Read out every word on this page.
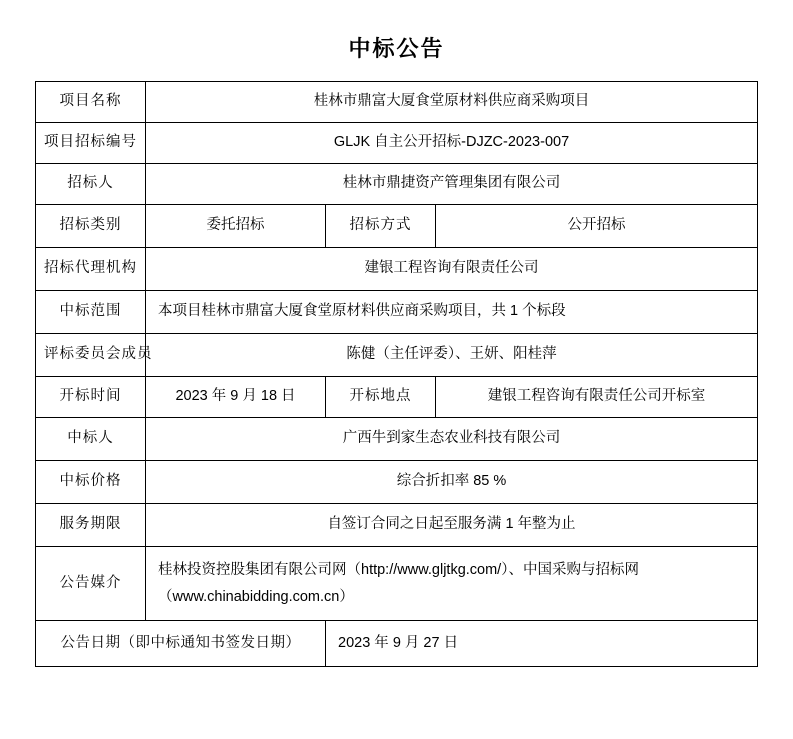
中标公告
项目名称	桂林市鼎富大厦食堂原材料供应商采购项目		
项目招标编号	GLJK 自主公开招标-DJZC-2023-007		
招标人	桂林市鼎捷资产管理集团有限公司		
招标类别	委托招标	招标方式	公开招标
招标代理机构	建银工程咨询有限责任公司		
中标范围	本项目桂林市鼎富大厦食堂原材料供应商采购项目，共 1 个标段		
评标委员会成员	陈健（主任评委）、王妍、阳桂萍		
开标时间	2023 年 9 月 18 日	开标地点	建银工程咨询有限责任公司开标室
中标人	广西牛到家生态农业科技有限公司		
中标价格	综合折扣率 85 %		
服务期限	自签订合同之日起至服务满 1 年整为止		
公告媒介	桂林投资控股集团有限公司网（http://www.gljtkg.com/）、中国采购与招标网
（www.chinabidding.com.cn）		

公告日期（即中标通知书签发日期）		2023 年 9 月 27 日	
